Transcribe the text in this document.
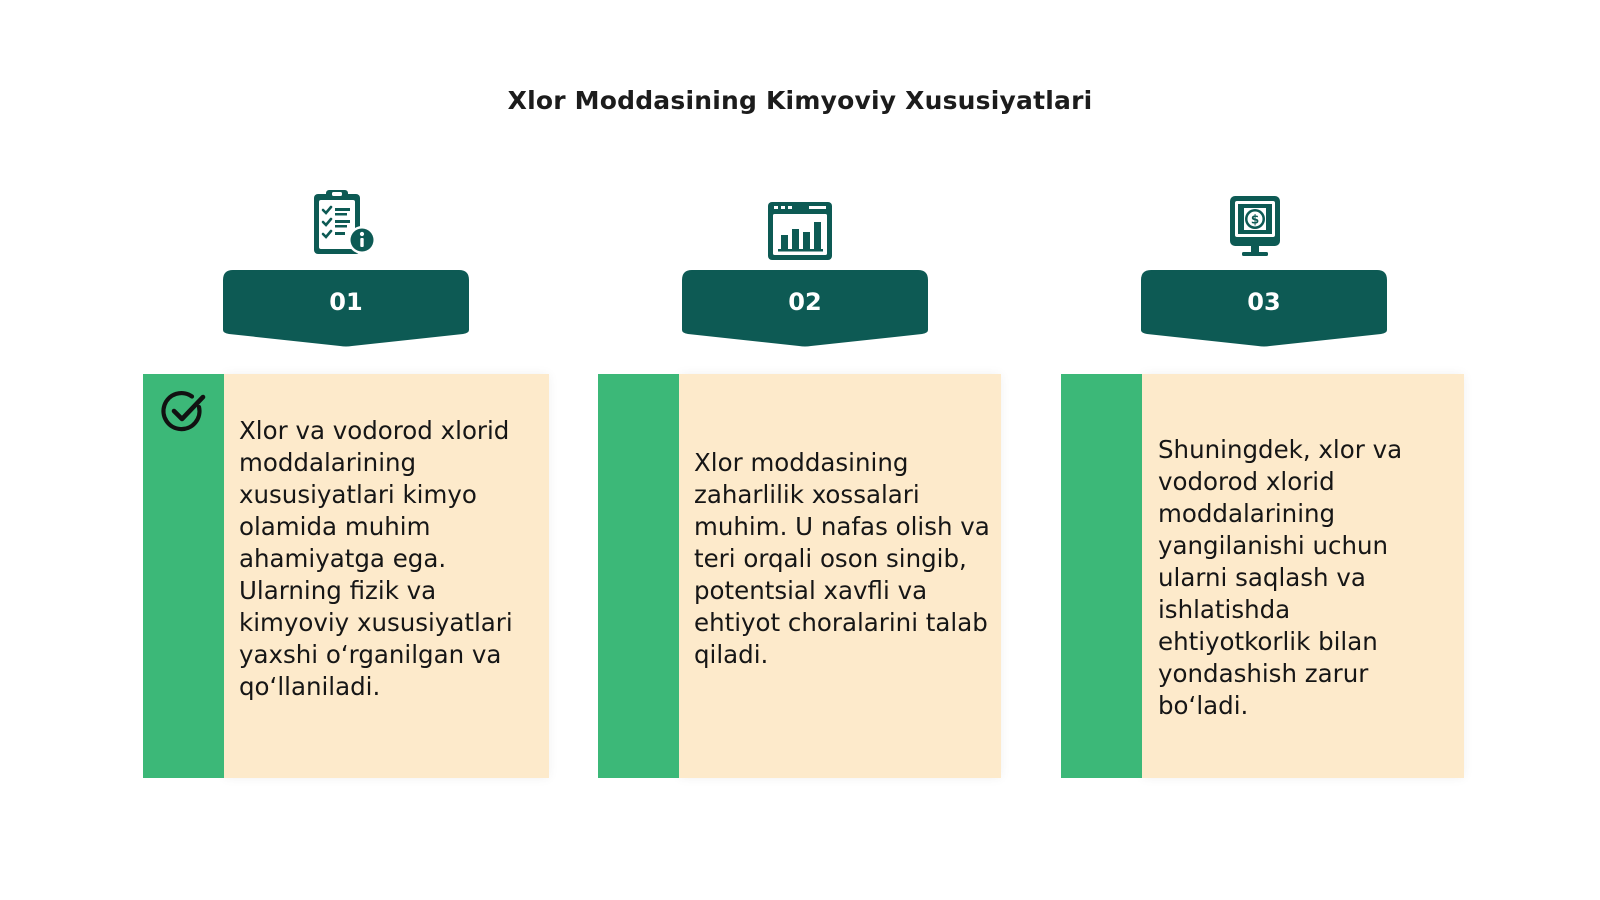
Xlor Moddasining Kimyoviy Xususiyatlari
$
01	02	03
Xlor va vodorod xlorid moddalarining xususiyatlari kimyo olamida muhim ahamiyatga ega. Ularning fizik va kimyoviy xususiyatlari yaxshi o‘rganilgan va qo‘llaniladi.
Xlor moddasining zaharlilik xossalari muhim. U nafas olish va teri orqali oson singib, potentsial xavfli va ehtiyot choralarini talab qiladi.
Shuningdek, xlor va vodorod xlorid moddalarining yangilanishi uchun ularni saqlash va ishlatishda ehtiyotkorlik bilan yondashish zarur bo‘ladi.
